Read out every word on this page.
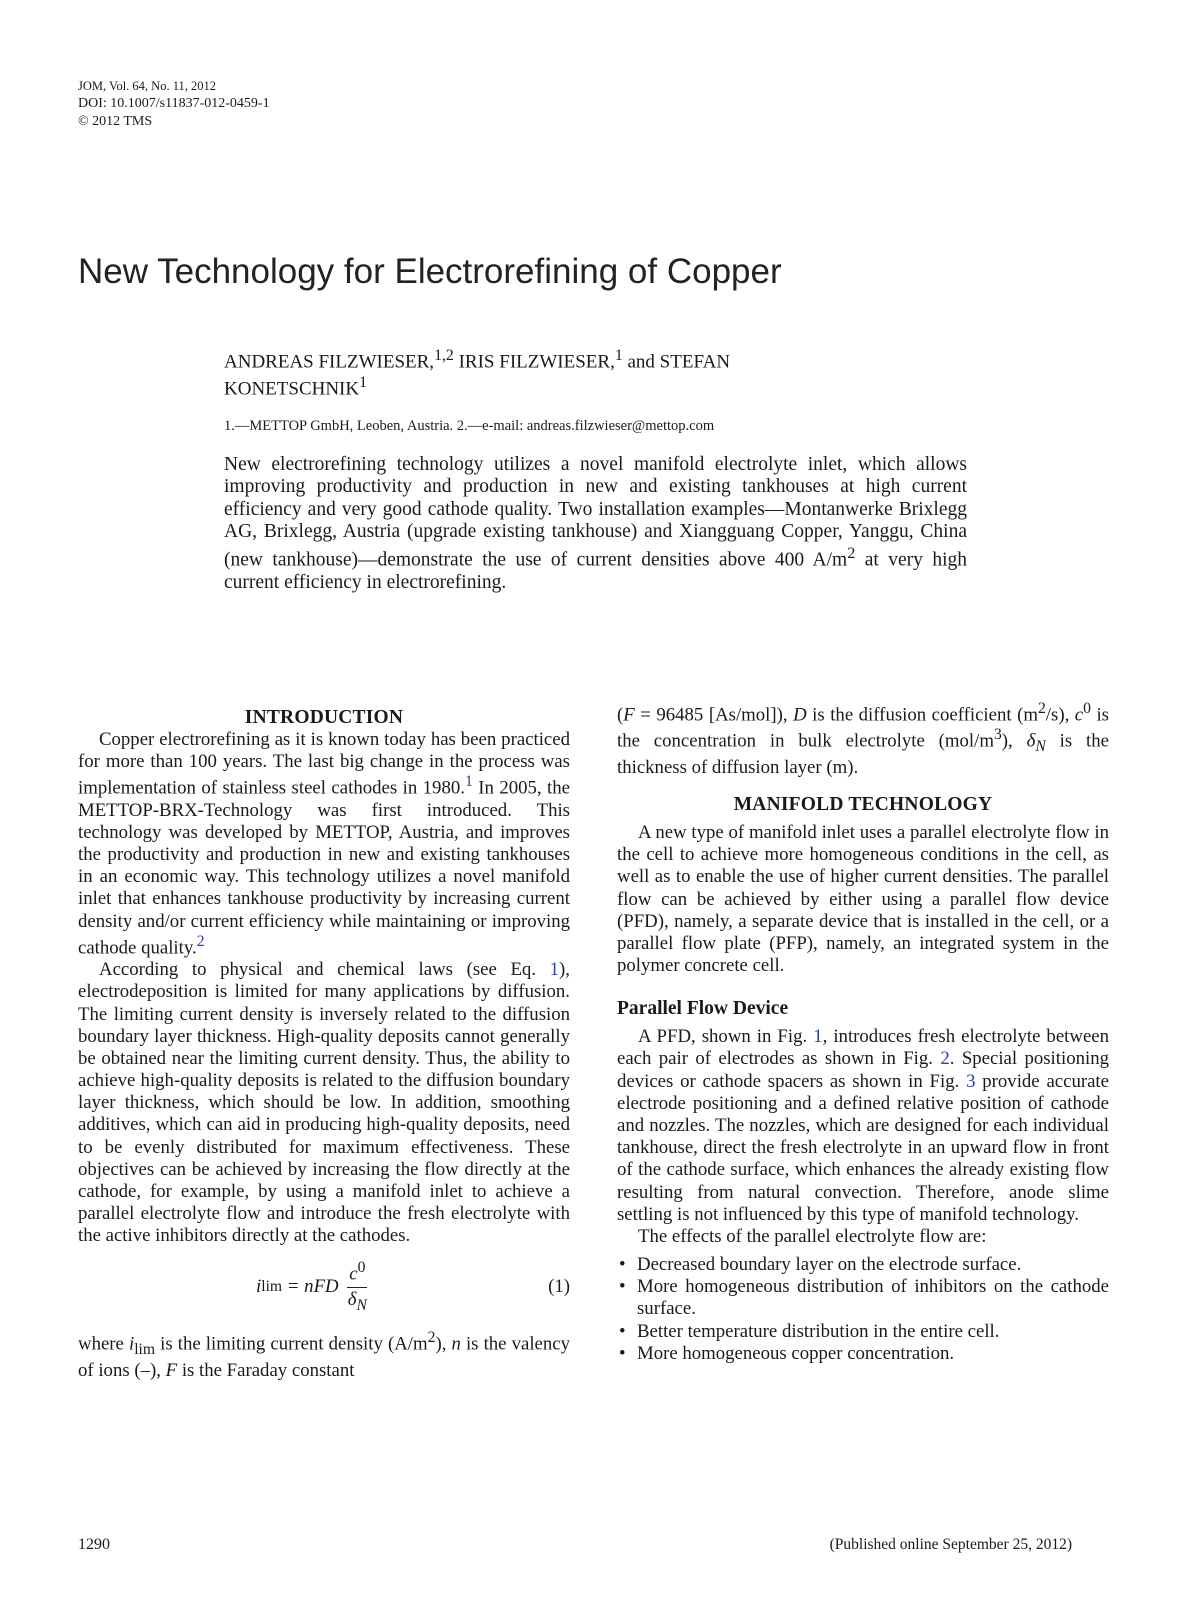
JOM, Vol. 64, No. 11, 2012
DOI: 10.1007/s11837-012-0459-1
© 2012 TMS
New Technology for Electrorefining of Copper
ANDREAS FILZWIESER,$^{1,2}$ IRIS FILZWIESER,$^1$ and STEFAN KONETSCHNIK$^1$
1.—METTOP GmbH, Leoben, Austria. 2.—e-mail: andreas.filzwieser@mettop.com

New electrorefining technology utilizes a novel manifold electrolyte inlet, which allows improving productivity and production in new and existing tankhouses at high current efficiency and very good cathode quality. Two installation examples—Montanwerke Brixlegg AG, Brixlegg, Austria (upgrade existing tankhouse) and Xiangguang Copper, Yanggu, China (new tankhouse)—demonstrate the use of current densities above 400 $A/m^2$ at very high current efficiency in electrorefining.

INTRODUCTION

Copper electrorefining as it is known today has been practiced for more than 100 years. The last big change in the process was implementation of stainless steel cathodes in 1980.$^1$ In 2005, the METTOP-BRX-Technology was first introduced. This technology was developed by METTOP, Austria, and improves the productivity and production in new and existing tankhouses in an economic way. This technology utilizes a novel manifold inlet that enhances tankhouse productivity by increasing current density and/or current efficiency while maintaining or improving cathode quality.$^2$

According to physical and chemical laws (see Eq. 1), electrodeposition is limited for many applications by diffusion. The limiting current density is inversely related to the diffusion boundary layer thickness. High-quality deposits cannot generally be obtained near the limiting current density. Thus, the ability to achieve high-quality deposits is related to the diffusion boundary layer thickness, which should be low. In addition, smoothing additives, which can aid in producing high-quality deposits, need to be evenly distributed for maximum effectiveness. These objectives can be achieved by increasing the flow directly at the cathode, for example, by using a manifold inlet to achieve a parallel electrolyte flow and introduce the fresh electrolyte with the active inhibitors directly at the cathodes.

i lim = nFD $\frac{c^0}{\delta_N}$	(1)

where $i_{lim}$ is the limiting current density $(A/m^2)$, n is the valency of ions (–), F is the Faraday constant

(F = 96485 [As/mol]), D is the diffusion coefficient $(m^2/s)$, $c^0$ is the concentration in bulk electrolyte $(mol/m^3)$, $\delta_N$ is the thickness of diffusion layer (m).

MANIFOLD TECHNOLOGY

A new type of manifold inlet uses a parallel electrolyte flow in the cell to achieve more homogeneous conditions in the cell, as well as to enable the use of higher current densities. The parallel flow can be achieved by either using a parallel flow device (PFD), namely, a separate device that is installed in the cell, or a parallel flow plate (PFP), namely, an integrated system in the polymer concrete cell.

Parallel Flow Device

A PFD, shown in Fig. 1, introduces fresh electrolyte between each pair of electrodes as shown in Fig. 2. Special positioning devices or cathode spacers as shown in Fig. 3 provide accurate electrode positioning and a defined relative position of cathode and nozzles. The nozzles, which are designed for each individual tankhouse, direct the fresh electrolyte in an upward flow in front of the cathode surface, which enhances the already existing flow resulting from natural convection. Therefore, anode slime settling is not influenced by this type of manifold technology.

The effects of the parallel electrolyte flow are:

• Decreased boundary layer on the electrode surface.
• More homogeneous distribution of inhibitors on the cathode surface.
• Better temperature distribution in the entire cell.
• More homogeneous copper concentration.
1290	(Published online September 25, 2012)
